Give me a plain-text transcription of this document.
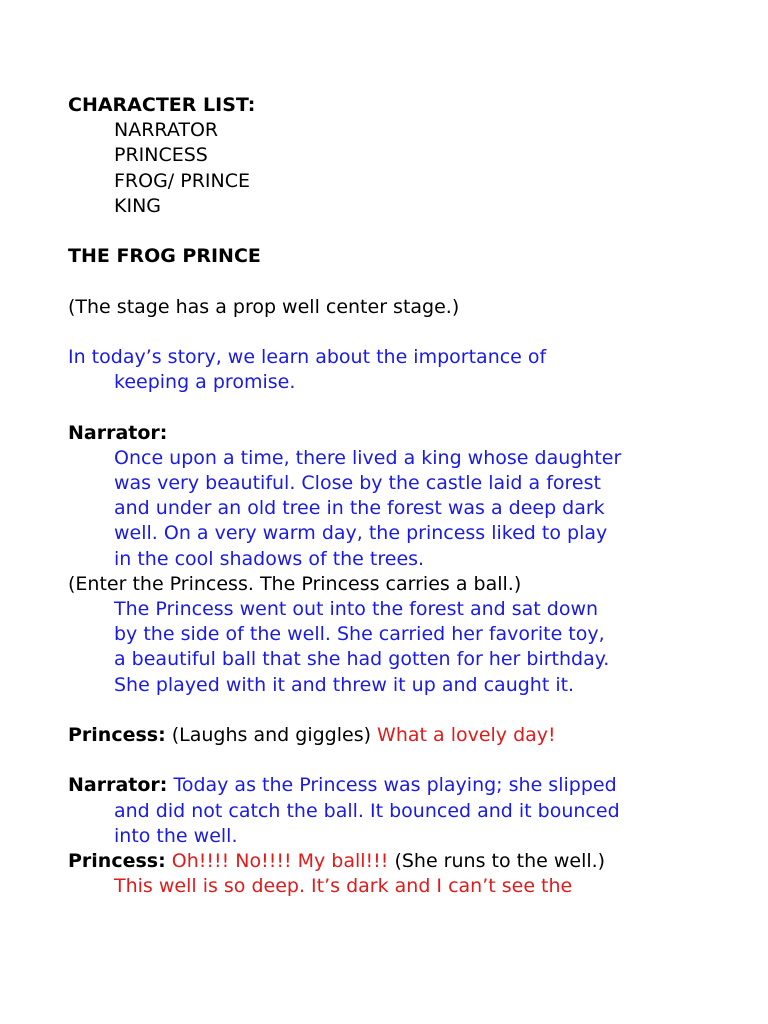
CHARACTER LIST:
NARRATOR
PRINCESS
FROG/ PRINCE
KING
THE FROG PRINCE
(The stage has a prop well center stage.)
In today’s story, we learn about the importance of
keeping a promise.
Narrator:
Once upon a time, there lived a king whose daughter
was very beautiful. Close by the castle laid a forest
and under an old tree in the forest was a deep dark
well. On a very warm day, the princess liked to play
in the cool shadows of the trees.
(Enter the Princess. The Princess carries a ball.)
The Princess went out into the forest and sat down
by the side of the well. She carried her favorite toy,
a beautiful ball that she had gotten for her birthday.
She played with it and threw it up and caught it.
Princess: (Laughs and giggles) What a lovely day!
Narrator: Today as the Princess was playing; she slipped
and did not catch the ball. It bounced and it bounced
into the well.
Princess: Oh!!!! No!!!! My ball!!! (She runs to the well.)
This well is so deep. It’s dark and I can’t see the
